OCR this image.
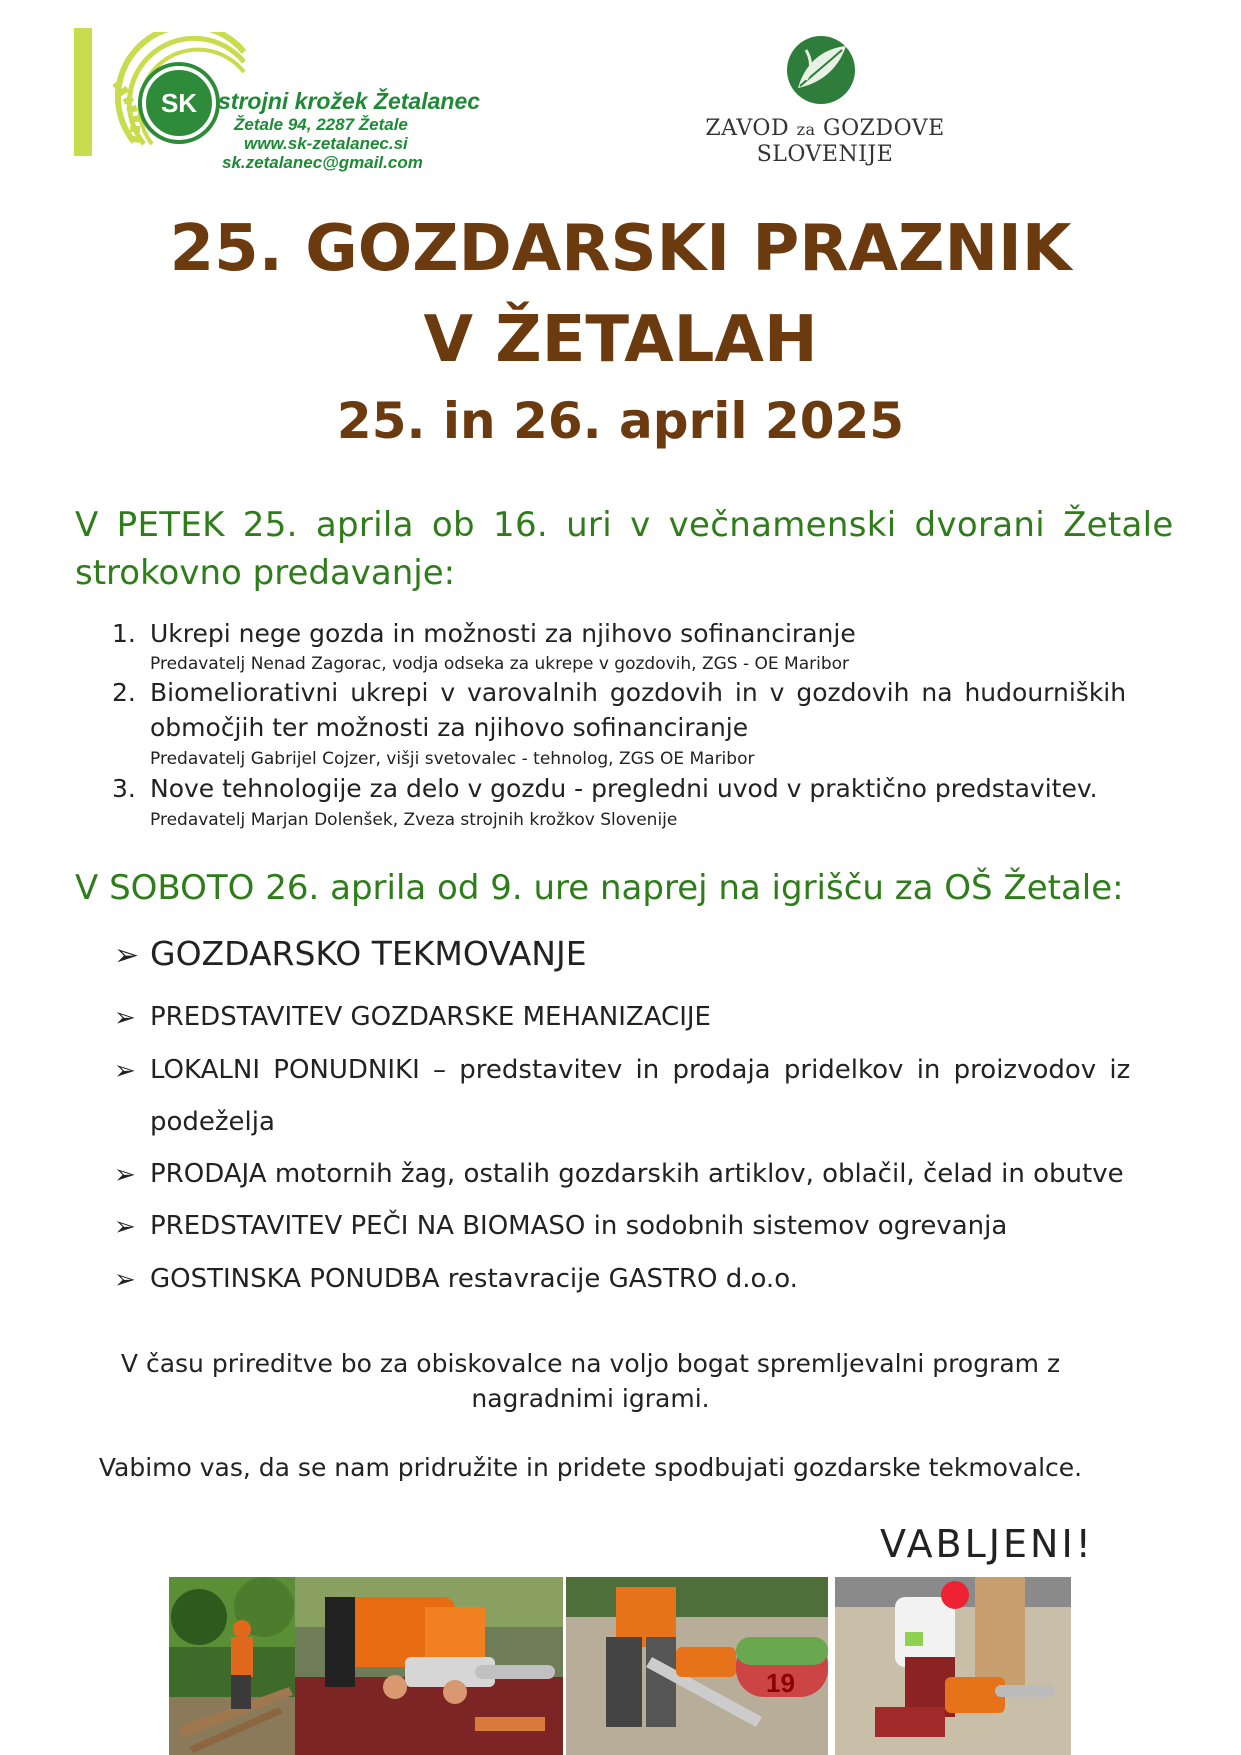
SK strojni krožek Žetalanec
Žetale 94, 2287 Žetale
www.sk-zetalanec.si
sk.zetalanec@gmail.com
ZAVOD za GOZDOVE
SLOVENIJE
25. GOZDARSKI PRAZNIK
V ŽETALAH
25. in 26. april 2025
V PETEK 25. aprila ob 16. uri v večnamenski dvorani Žetale
strokovno predavanje:
1. Ukrepi nege gozda in možnosti za njihovo sofinanciranje
Predavatelj Nenad Zagorac, vodja odseka za ukrepe v gozdovih, ZGS - OE Maribor
2. Biomeliorativni ukrepi v varovalnih gozdovih in v gozdovih na hudourniških
območjih ter možnosti za njihovo sofinanciranje
Predavatelj Gabrijel Cojzer, višji svetovalec - tehnolog, ZGS OE Maribor
3. Nove tehnologije za delo v gozdu - pregledni uvod v praktično predstavitev.
Predavatelj Marjan Dolenšek, Zveza strojnih krožkov Slovenije
V SOBOTO 26. aprila od 9. ure naprej na igrišču za OŠ Žetale:
➢ GOZDARSKO TEKMOVANJE
➢ PREDSTAVITEV GOZDARSKE MEHANIZACIJE
➢ LOKALNI PONUDNIKI – predstavitev in prodaja pridelkov in proizvodov iz
podeželja
➢ PRODAJA motornih žag, ostalih gozdarskih artiklov, oblačil, čelad in obutve
➢ PREDSTAVITEV PEČI NA BIOMASO in sodobnih sistemov ogrevanja
➢ GOSTINSKA PONUDBA restavracije GASTRO d.o.o.
V času prireditve bo za obiskovalce na voljo bogat spremljevalni program z
nagradnimi igrami.
Vabimo vas, da se nam pridružite in pridete spodbujati gozdarske tekmovalce.
VABLJENI!
19
